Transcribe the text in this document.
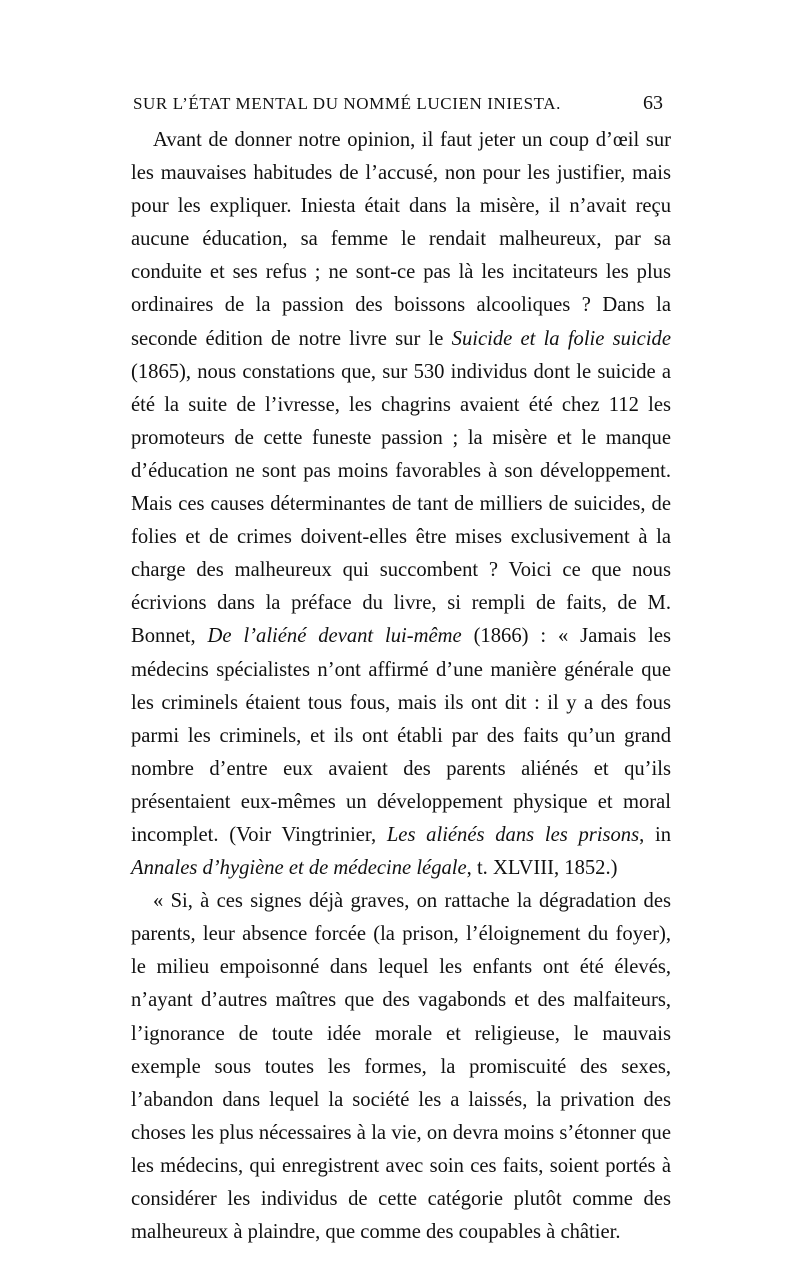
SUR L’ÉTAT MENTAL DU NOMMÉ LUCIEN INIESTA.	63

Avant de donner notre opinion, il faut jeter un coup d’œil sur les mauvaises habitudes de l’accusé, non pour les justifier, mais pour les expliquer. Iniesta était dans la misère, il n’avait reçu aucune éducation, sa femme le rendait malheureux, par sa conduite et ses refus ; ne sont-ce pas là les incitateurs les plus ordinaires de la passion des boissons alcooliques ? Dans la seconde édition de notre livre sur le Suicide et la folie suicide (1865), nous constations que, sur 530 individus dont le suicide a été la suite de l’ivresse, les chagrins avaient été chez 112 les promoteurs de cette funeste passion ; la misère et le manque d’éducation ne sont pas moins favorables à son développement. Mais ces causes déterminantes de tant de milliers de suicides, de folies et de crimes doivent-elles être mises exclusivement à la charge des malheureux qui succombent ? Voici ce que nous écrivions dans la préface du livre, si rempli de faits, de M. Bonnet, De l’aliéné devant lui-même (1866) : « Jamais les médecins spécialistes n’ont affirmé d’une manière générale que les criminels étaient tous fous, mais ils ont dit : il y a des fous parmi les criminels, et ils ont établi par des faits qu’un grand nombre d’entre eux avaient des parents aliénés et qu’ils présentaient eux-mêmes un développement physique et moral incomplet. (Voir Vingtrinier, Les aliénés dans les prisons, in Annales d’hygiène et de médecine légale, t. XLVIII, 1852.)

« Si, à ces signes déjà graves, on rattache la dégradation des parents, leur absence forcée (la prison, l’éloignement du foyer), le milieu empoisonné dans lequel les enfants ont été élevés, n’ayant d’autres maîtres que des vagabonds et des malfaiteurs, l’ignorance de toute idée morale et religieuse, le mauvais exemple sous toutes les formes, la promiscuité des sexes, l’abandon dans lequel la société les a laissés, la privation des choses les plus nécessaires à la vie, on devra moins s’étonner que les médecins, qui enregistrent avec soin ces faits, soient portés à considérer les individus de cette catégorie plutôt comme des malheureux à plaindre, que comme des coupables à châtier.
